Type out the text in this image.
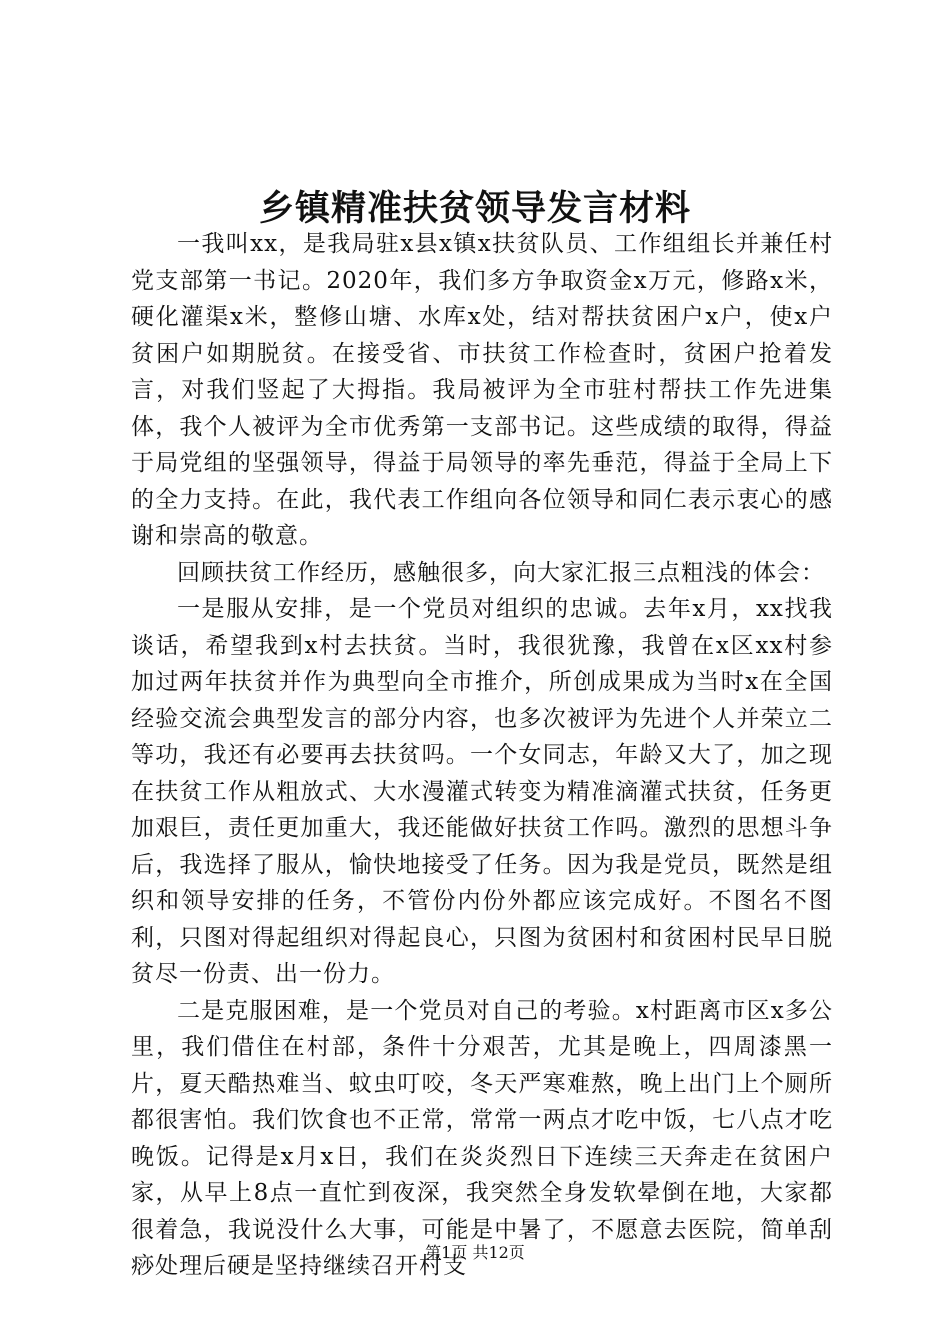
乡镇精准扶贫领导发言材料

一我叫xx，是我局驻x县x镇x扶贫队员、工作组组长并兼任村党支部第一书记。2020年，我们多方争取资金x万元，修路x米，硬化灌渠x米，整修山塘、水库x处，结对帮扶贫困户x户，使x户贫困户如期脱贫。在接受省、市扶贫工作检查时，贫困户抢着发言，对我们竖起了大拇指。我局被评为全市驻村帮扶工作先进集体，我个人被评为全市优秀第一支部书记。这些成绩的取得，得益于局党组的坚强领导，得益于局领导的率先垂范，得益于全局上下的全力支持。在此，我代表工作组向各位领导和同仁表示衷心的感谢和崇高的敬意。

回顾扶贫工作经历，感触很多，向大家汇报三点粗浅的体会：

一是服从安排，是一个党员对组织的忠诚。去年x月，xx找我谈话，希望我到x村去扶贫。当时，我很犹豫，我曾在x区xx村参加过两年扶贫并作为典型向全市推介，所创成果成为当时x在全国经验交流会典型发言的部分内容，也多次被评为先进个人并荣立二等功，我还有必要再去扶贫吗。一个女同志，年龄又大了，加之现在扶贫工作从粗放式、大水漫灌式转变为精准滴灌式扶贫，任务更加艰巨，责任更加重大，我还能做好扶贫工作吗。激烈的思想斗争后，我选择了服从，愉快地接受了任务。因为我是党员，既然是组织和领导安排的任务，不管份内份外都应该完成好。不图名不图利，只图对得起组织对得起良心，只图为贫困村和贫困村民早日脱贫尽一份责、出一份力。

二是克服困难，是一个党员对自己的考验。x村距离市区x多公里，我们借住在村部，条件十分艰苦，尤其是晚上，四周漆黑一片，夏天酷热难当、蚊虫叮咬，冬天严寒难熬，晚上出门上个厕所都很害怕。我们饮食也不正常，常常一两点才吃中饭，七八点才吃晚饭。记得是x月x日，我们在炎炎烈日下连续三天奔走在贫困户家，从早上8点一直忙到夜深，我突然全身发软晕倒在地，大家都很着急，我说没什么大事，可能是中暑了，不愿意去医院，简单刮痧处理后硬是坚持继续召开村支

第1页 共12页
